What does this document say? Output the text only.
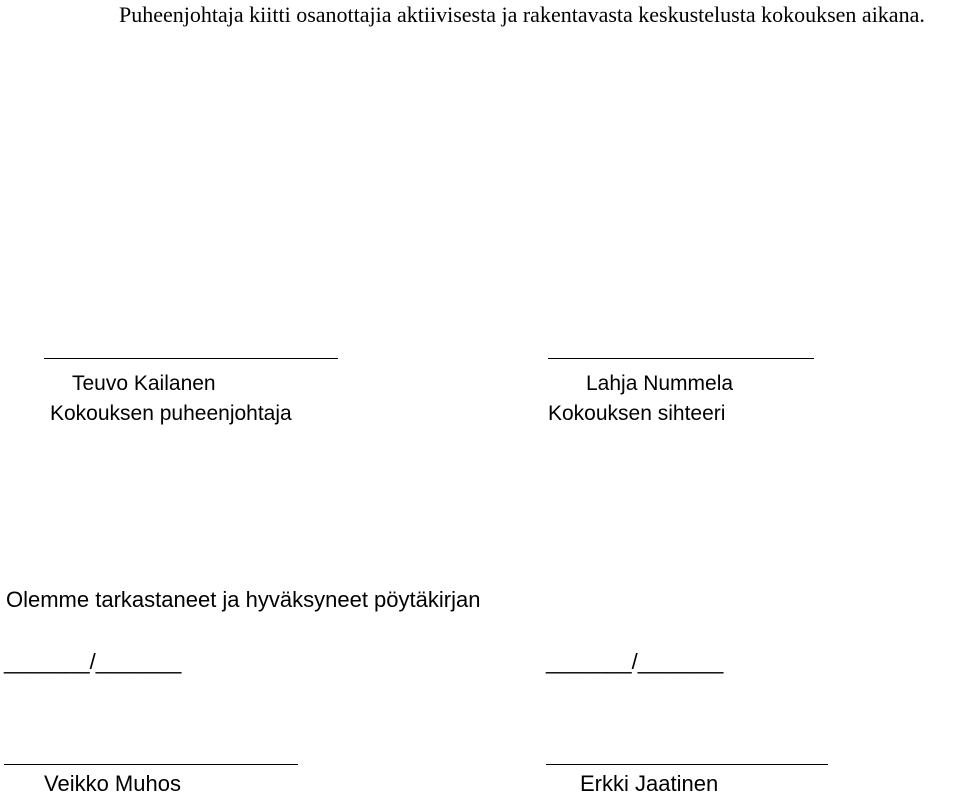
Puheenjohtaja kiitti osanottajia aktiivisesta ja rakentavasta keskustelusta kokouksen aikana.
Teuvo Kailanen
Kokouksen puheenjohtaja
Lahja Nummela
Kokouksen sihteeri
Olemme tarkastaneet ja hyväksyneet pöytäkirjan
_______/_______	_______/_______
Veikko Muhos	Erkki Jaatinen
